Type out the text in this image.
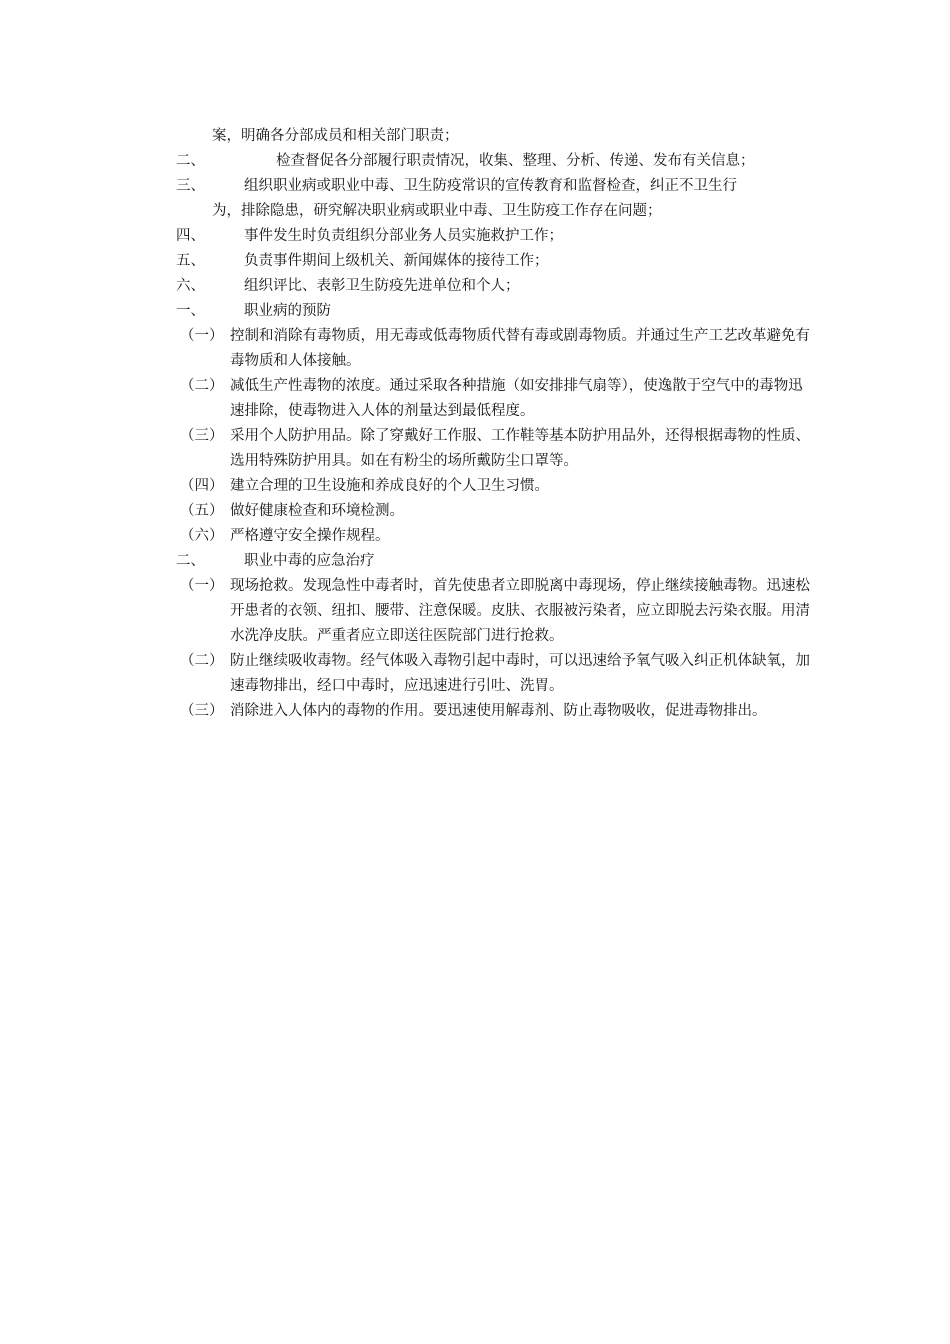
案，明确各分部成员和相关部门职责；
二、	检查督促各分部履行职责情况，收集、整理、分析、传递、发布有关信息；
三、	组织职业病或职业中毒、卫生防疫常识的宣传教育和监督检查，纠正不卫生行
为，排除隐患，研究解决职业病或职业中毒、卫生防疫工作存在问题；
四、	事件发生时负责组织分部业务人员实施救护工作；
五、	负责事件期间上级机关、新闻媒体的接待工作；
六、	组织评比、表彰卫生防疫先进单位和个人；
一、	职业病的预防
（一） 控制和消除有毒物质，用无毒或低毒物质代替有毒或剧毒物质。并通过生产工艺改革避免有毒物质和人体接触。
（二） 减低生产性毒物的浓度。通过采取各种措施（如安排排气扇等），使逸散于空气中的毒物迅速排除，使毒物进入人体的剂量达到最低程度。
（三） 采用个人防护用品。除了穿戴好工作服、工作鞋等基本防护用品外，还得根据毒物的性质、选用特殊防护用具。如在有粉尘的场所戴防尘口罩等。
（四） 建立合理的卫生设施和养成良好的个人卫生习惯。
（五） 做好健康检查和环境检测。
（六） 严格遵守安全操作规程。
二、	职业中毒的应急治疗
（一） 现场抢救。发现急性中毒者时，首先使患者立即脱离中毒现场，停止继续接触毒物。迅速松开患者的衣领、纽扣、腰带、注意保暖。皮肤、衣服被污染者，应立即脱去污染衣服。用清水洗净皮肤。严重者应立即送往医院部门进行抢救。
（二） 防止继续吸收毒物。经气体吸入毒物引起中毒时，可以迅速给予氧气吸入纠正机体缺氧，加速毒物排出，经口中毒时，应迅速进行引吐、洗胃。
（三） 消除进入人体内的毒物的作用。要迅速使用解毒剂、防止毒物吸收，促进毒物排出。
